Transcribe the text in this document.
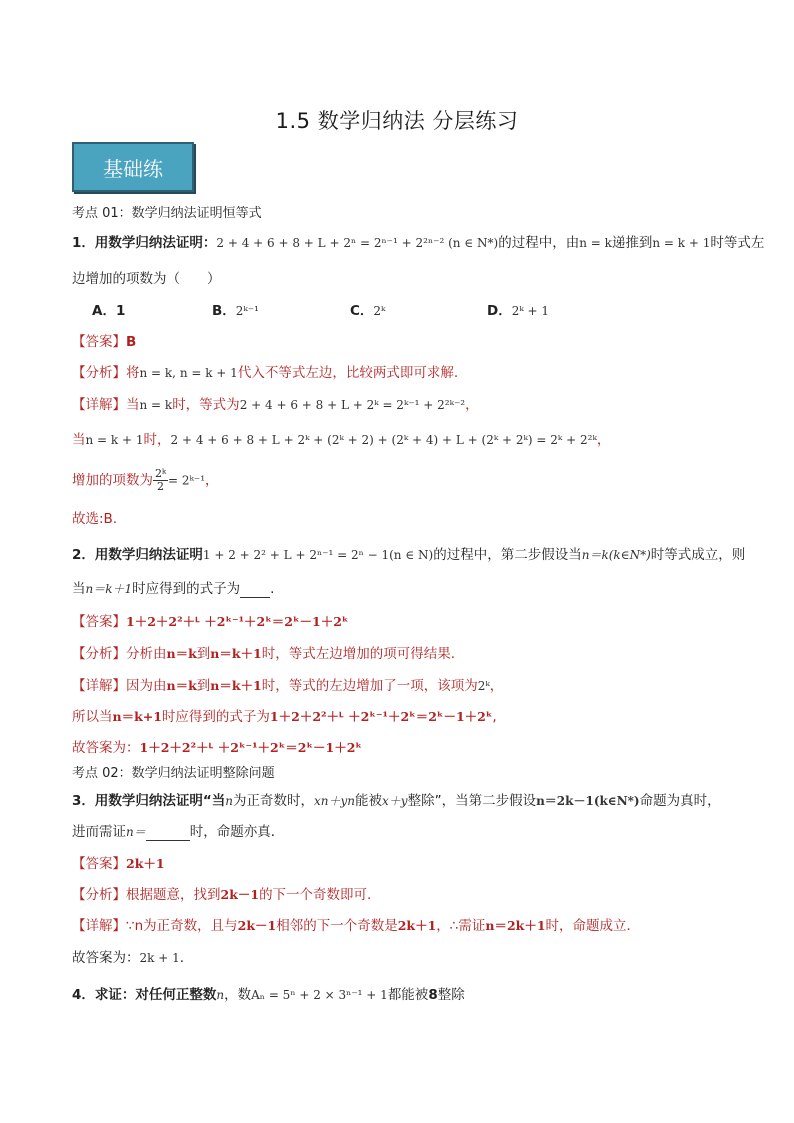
1.5 数学归纳法 分层练习
基础练
考点 01：数学归纳法证明恒等式
1．用数学归纳法证明：2 + 4 + 6 + 8 + L + 2ⁿ = 2ⁿ⁻¹ + 2²ⁿ⁻² (n ∈ N*)的过程中，由n = k递推到n = k + 1时等式左
边增加的项数为（　　）
A．1	B．2ᵏ⁻¹	C．2ᵏ	D．2ᵏ + 1
【答案】B
【分析】将n = k, n = k + 1代入不等式左边，比较两式即可求解.
【详解】当n = k时，等式为2 + 4 + 6 + 8 + L + 2ᵏ = 2ᵏ⁻¹ + 2²ᵏ⁻²，
当n = k + 1时，2 + 4 + 6 + 8 + L + 2ᵏ + (2ᵏ + 2) + (2ᵏ + 4) + L + (2ᵏ + 2ᵏ) = 2ᵏ + 2²ᵏ，
增加的项数为 $\frac{\text{2ᵏ}}{2}$ = 2ᵏ⁻¹，
故选:B.
2．用数学归纳法证明1 + 2 + 2² + L + 2ⁿ⁻¹ = 2ⁿ − 1(n ∈ N)的过程中，第二步假设当n＝k(k∈N*)时等式成立，则
当n＝k＋1时应得到的式子为 .
【答案】1＋2＋2²＋ᒻ ＋2ᵏ⁻¹＋2ᵏ＝2ᵏ－1＋2ᵏ
【分析】分析由n＝k到n＝k＋1时，等式左边增加的项可得结果.
【详解】因为由n＝k到n＝k＋1时，等式的左边增加了一项，该项为2ᵏ，
所以当n＝k+1时应得到的式子为1＋2＋2²＋ᒻ ＋2ᵏ⁻¹＋2ᵏ＝2ᵏ－1＋2ᵏ,
故答案为：1＋2＋2²＋ᒻ ＋2ᵏ⁻¹＋2ᵏ＝2ᵏ－1＋2ᵏ
考点 02：数学归纳法证明整除问题
3．用数学归纳法证明“当n为正奇数时，xn＋yn能被x＋y整除”，当第二步假设n＝2k－1(k∈N*)命题为真时，
进而需证n＝	时，命题亦真．
【答案】2k＋1
【分析】根据题意，找到2k－1的下一个奇数即可.
【详解】∵n为正奇数，且与2k－1相邻的下一个奇数是2k＋1，∴需证n＝2k＋1时，命题成立．
故答案为：2k + 1.
4．求证：对任何正整数n，数Aₙ = 5ⁿ + 2 × 3ⁿ⁻¹ + 1都能被8整除
